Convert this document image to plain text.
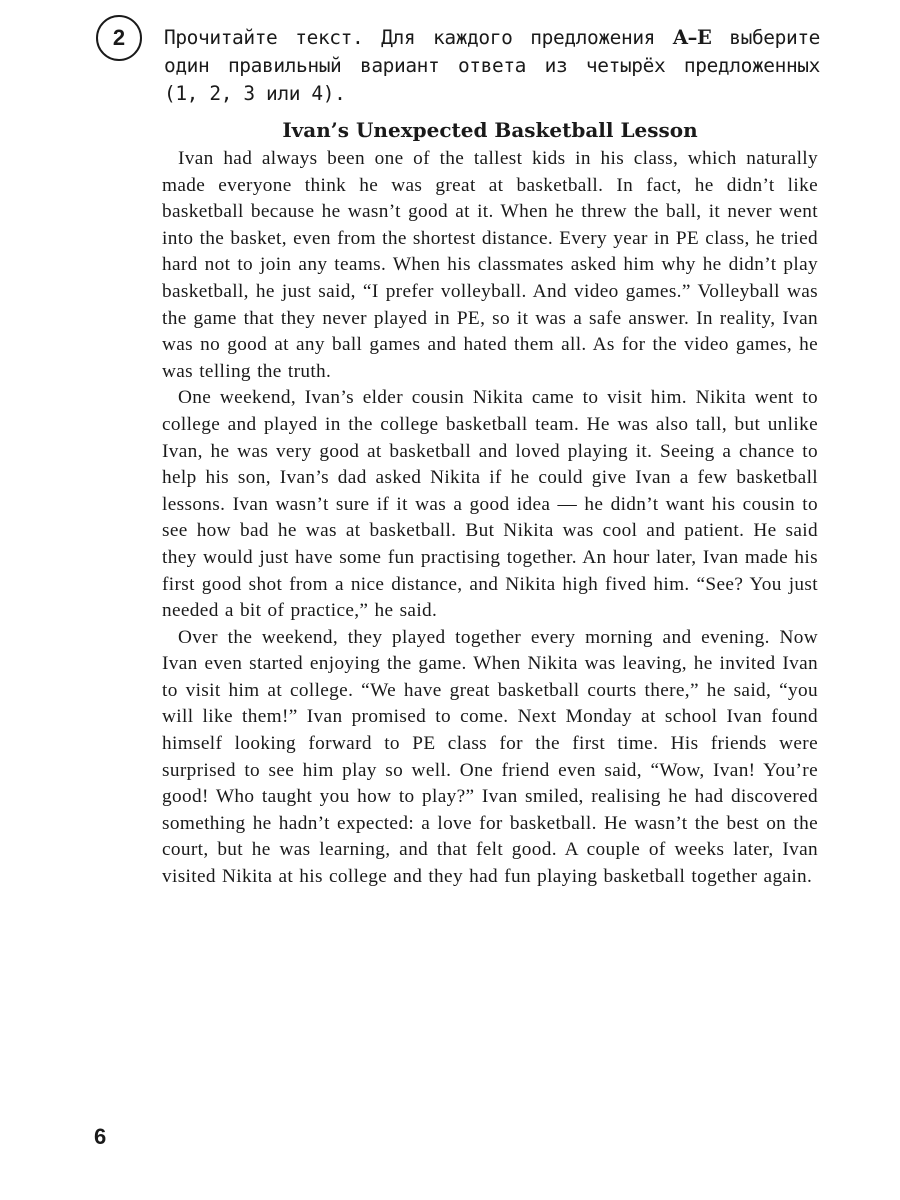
2 Прочитайте текст. Для каждого предложения A–E выберите один правильный вариант ответа из четырёх предложенных (1, 2, 3 или 4).
Ivan’s Unexpected Basketball Lesson

Ivan had always been one of the tallest kids in his class, which naturally made everyone think he was great at basketball. In fact, he didn’t like basketball because he wasn’t good at it. When he threw the ball, it never went into the basket, even from the shortest distance. Every year in PE class, he tried hard not to join any teams. When his classmates asked him why he didn’t play basketball, he just said, “I prefer volleyball. And video games.” Volleyball was the game that they never played in PE, so it was a safe answer. In reality, Ivan was no good at any ball games and hated them all. As for the video games, he was telling the truth.

One weekend, Ivan’s elder cousin Nikita came to visit him. Nikita went to college and played in the college basketball team. He was also tall, but unlike Ivan, he was very good at basketball and loved playing it. Seeing a chance to help his son, Ivan’s dad asked Nikita if he could give Ivan a few basketball lessons. Ivan wasn’t sure if it was a good idea — he didn’t want his cousin to see how bad he was at basketball. But Nikita was cool and patient. He said they would just have some fun practising together. An hour later, Ivan made his first good shot from a nice distance, and Nikita high fived him. “See? You just needed a bit of practice,” he said.

Over the weekend, they played together every morning and evening. Now Ivan even started enjoying the game. When Nikita was leaving, he invited Ivan to visit him at college. “We have great basketball courts there,” he said, “you will like them!” Ivan promised to come. Next Monday at school Ivan found himself looking forward to PE class for the first time. His friends were surprised to see him play so well. One friend even said, “Wow, Ivan! You’re good! Who taught you how to play?” Ivan smiled, realising he had discovered something he hadn’t expected: a love for basketball. He wasn’t the best on the court, but he was learning, and that felt good. A couple of weeks later, Ivan visited Nikita at his college and they had fun playing basketball together again.

6
